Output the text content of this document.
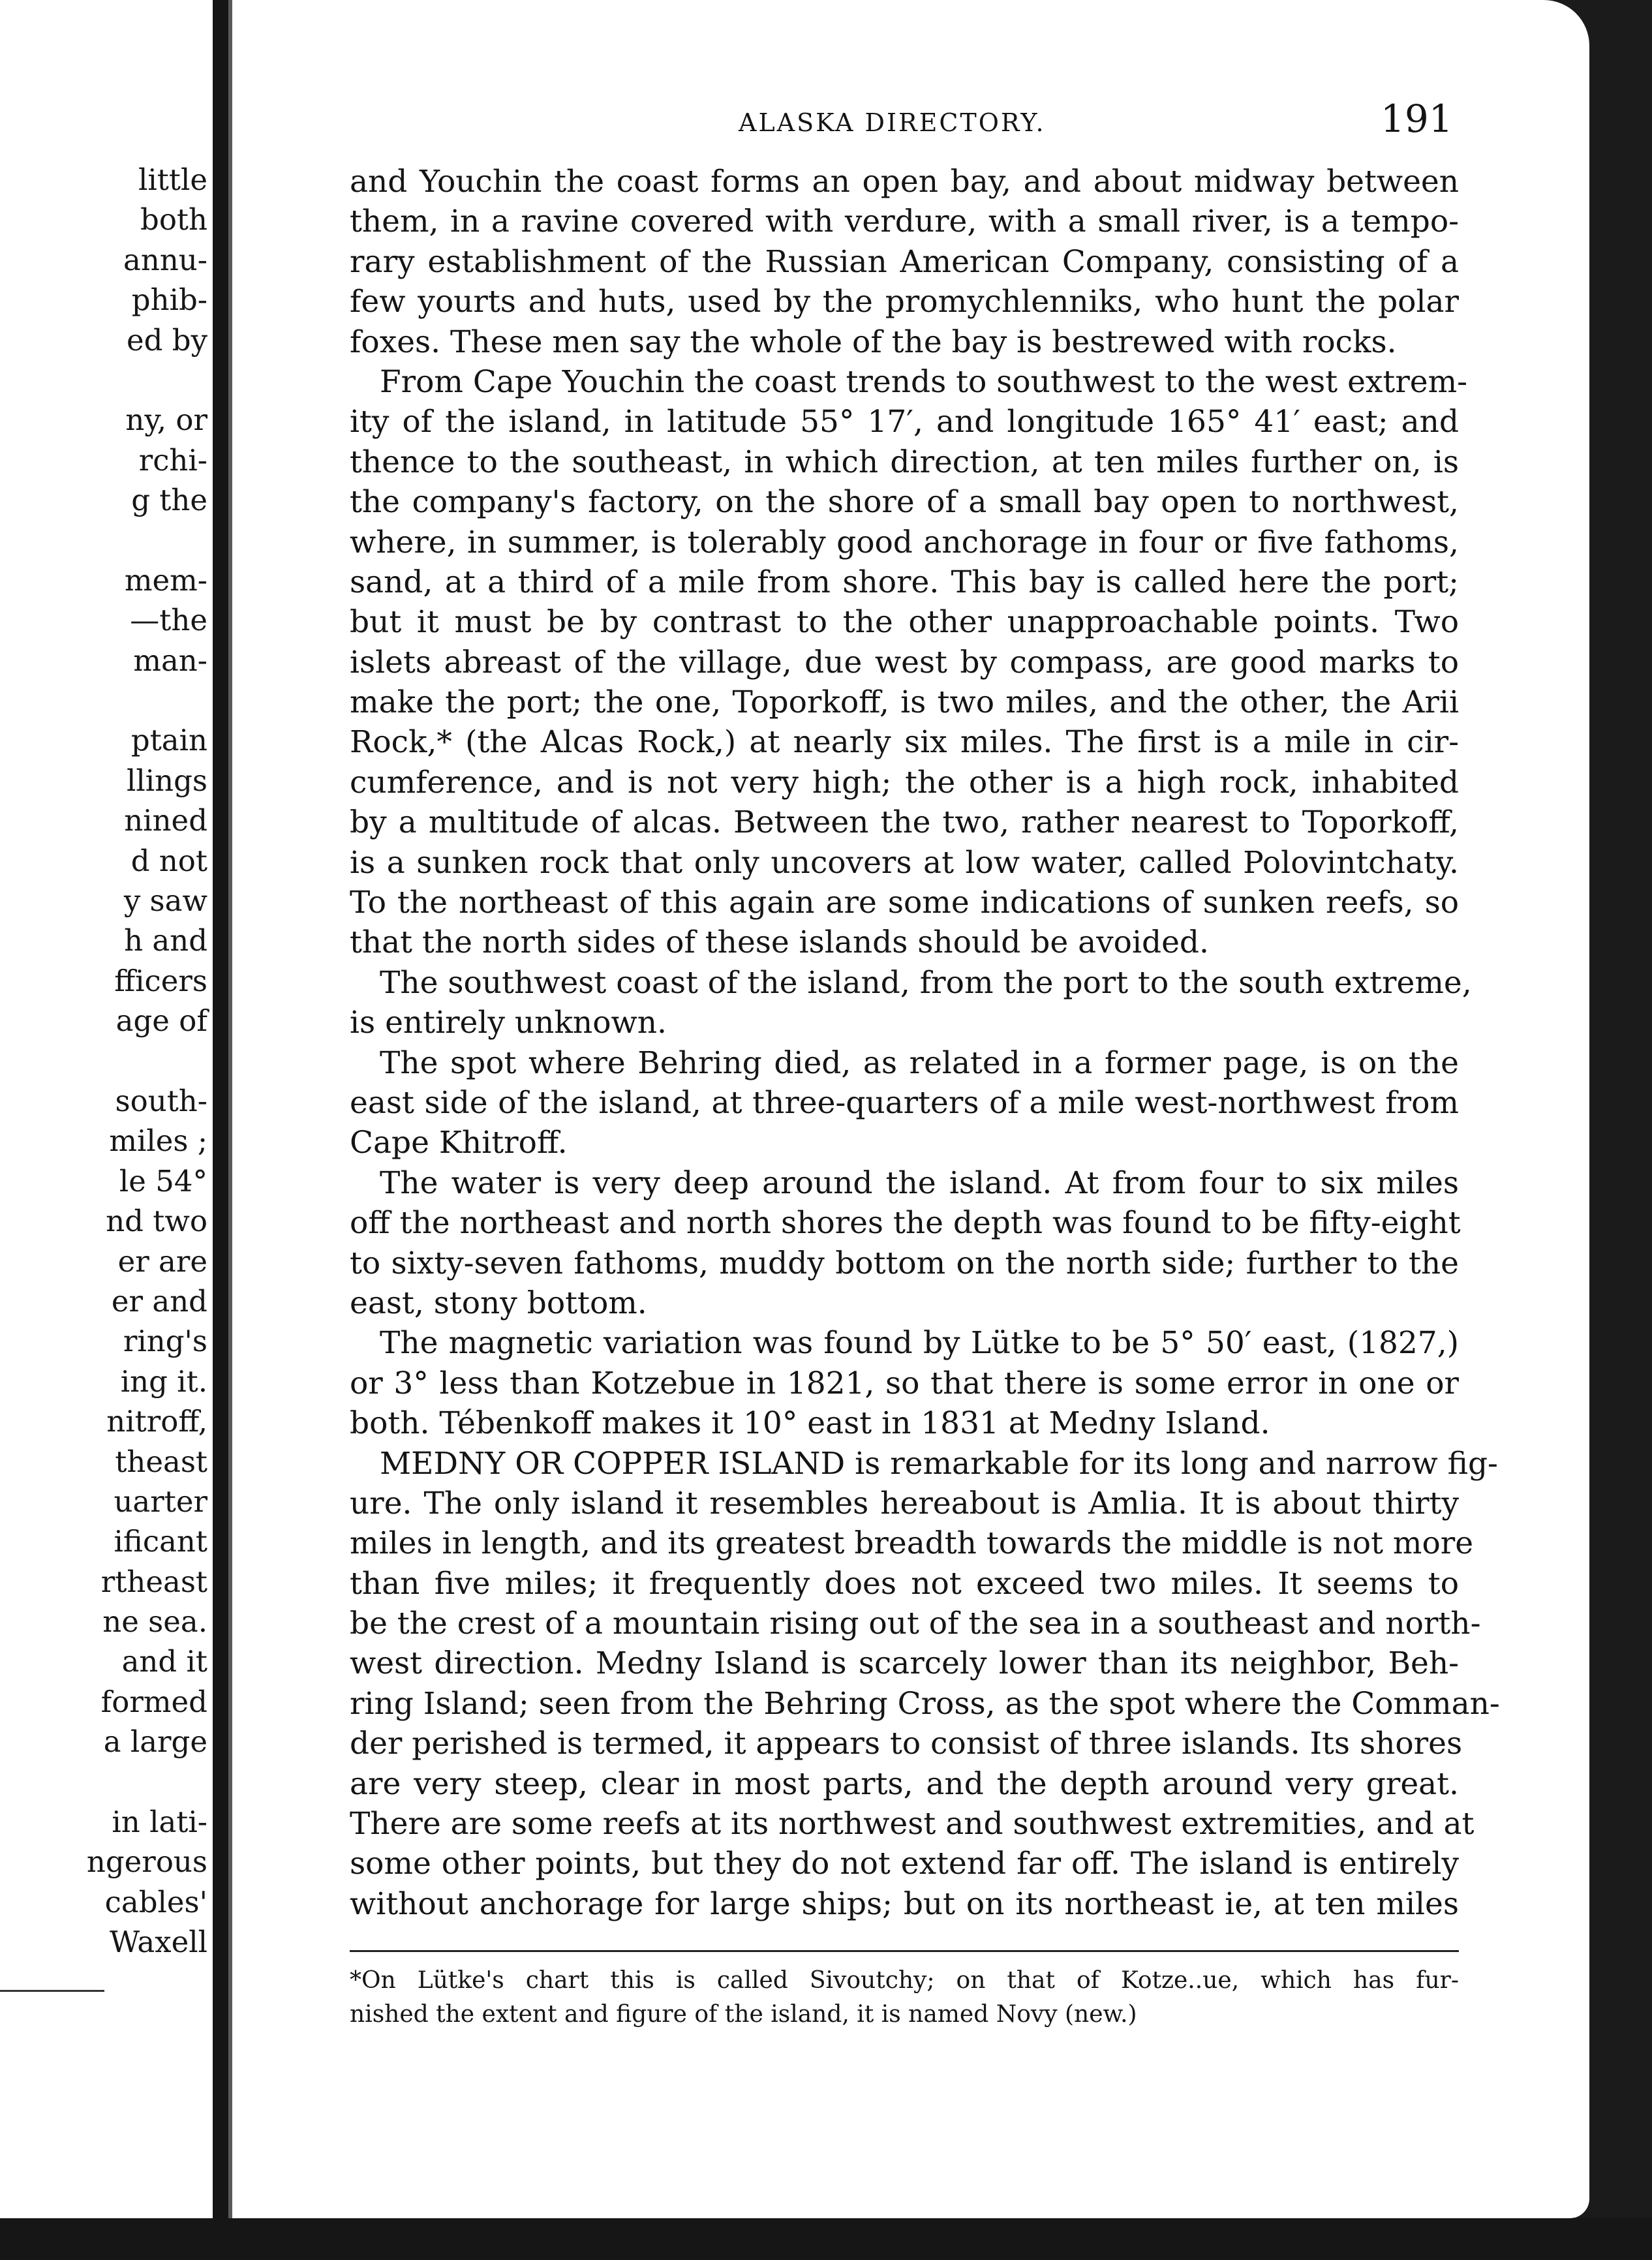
little
both
annu-
phib-
ed by
ny, or
rchi-
g the
mem-
—the
man-
ptain
llings
nined
d not
y saw
h and
fficers
age of
south-
miles ;
le 54°
nd two
er are
er and
ring's
ing it.
nitroff,
theast
uarter
ificant
rtheast
ne sea.
and it
formed
a large
in lati-
ngerous
cables'
Waxell
ALASKA DIRECTORY.	191
and Youchin the coast forms an open bay, and about midway between
them, in a ravine covered with verdure, with a small river, is a tempo-
rary establishment of the Russian American Company, consisting of a
few yourts and huts, used by the promychlenniks, who hunt the polar
foxes. These men say the whole of the bay is bestrewed with rocks.
From Cape Youchin the coast trends to southwest to the west extrem-
ity of the island, in latitude 55° 17′, and longitude 165° 41′ east; and
thence to the southeast, in which direction, at ten miles further on, is
the company's factory, on the shore of a small bay open to northwest,
where, in summer, is tolerably good anchorage in four or five fathoms,
sand, at a third of a mile from shore. This bay is called here the port;
but it must be by contrast to the other unapproachable points. Two
islets abreast of the village, due west by compass, are good marks to
make the port; the one, Toporkoff, is two miles, and the other, the Arii
Rock,* (the Alcas Rock,) at nearly six miles. The first is a mile in cir-
cumference, and is not very high; the other is a high rock, inhabited
by a multitude of alcas. Between the two, rather nearest to Toporkoff,
is a sunken rock that only uncovers at low water, called Polovintchaty.
To the northeast of this again are some indications of sunken reefs, so
that the north sides of these islands should be avoided.
The southwest coast of the island, from the port to the south extreme,
is entirely unknown.
The spot where Behring died, as related in a former page, is on the
east side of the island, at three-quarters of a mile west-northwest from
Cape Khitroff.
The water is very deep around the island. At from four to six miles
off the northeast and north shores the depth was found to be fifty-eight
to sixty-seven fathoms, muddy bottom on the north side; further to the
east, stony bottom.
The magnetic variation was found by Lütke to be 5° 50′ east, (1827,)
or 3° less than Kotzebue in 1821, so that there is some error in one or
both. Tébenkoff makes it 10° east in 1831 at Medny Island.
MEDNY OR COPPER ISLAND is remarkable for its long and narrow fig-
ure. The only island it resembles hereabout is Amlia. It is about thirty
miles in length, and its greatest breadth towards the middle is not more
than five miles; it frequently does not exceed two miles. It seems to
be the crest of a mountain rising out of the sea in a southeast and north-
west direction. Medny Island is scarcely lower than its neighbor, Beh-
ring Island; seen from the Behring Cross, as the spot where the Comman-
der perished is termed, it appears to consist of three islands. Its shores
are very steep, clear in most parts, and the depth around very great.
There are some reefs at its northwest and southwest extremities, and at
some other points, but they do not extend far off. The island is entirely
without anchorage for large ships; but on its northeast ie, at ten miles
*On Lütke's chart this is called Sivoutchy; on that of Kotze..ue, which has fur-
nished the extent and figure of the island, it is named Novy (new.)
